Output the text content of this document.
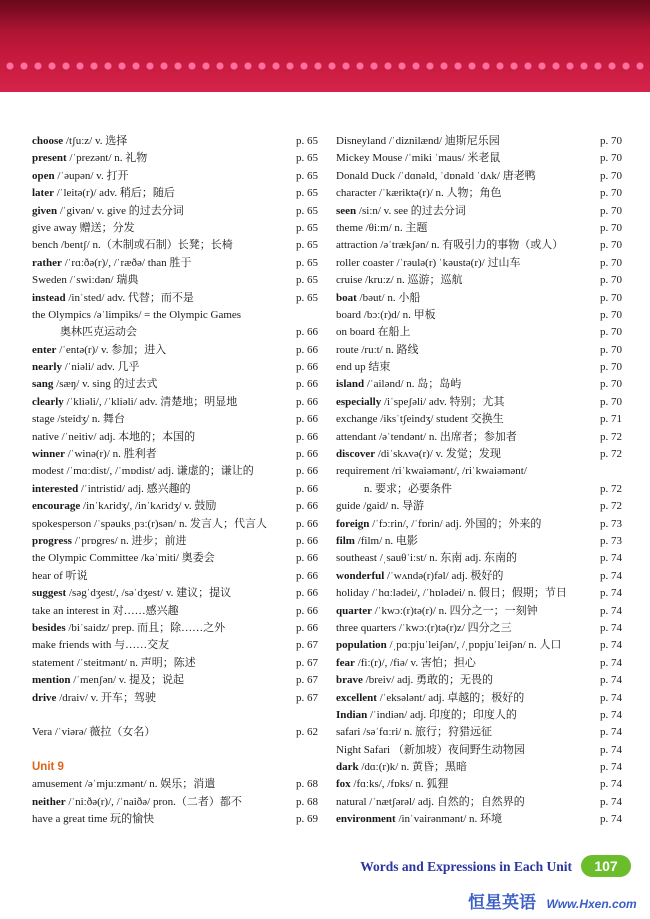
choose /tʃuːz/ v. 选择	p. 65
present /ˈprezənt/ n. 礼物	p. 65
open /ˈəupən/ v. 打开	p. 65
later /ˈleitə(r)/ adv. 稍后；随后	p. 65
given /ˈgivən/ v. give 的过去分词	p. 65
give away 赠送；分发	p. 65
bench /bentʃ/ n.（木制或石制）长凳；长椅	p. 65
rather /ˈrɑːðə(r)/, /ˈræðə/ than 胜于	p. 65
Sweden /ˈswiːdən/ 瑞典	p. 65
instead /inˈsted/ adv. 代替；而不是	p. 65
the Olympics /əˈlimpiks/ = the Olympic Games
奥林匹克运动会	p. 66
enter /ˈentə(r)/ v. 参加；进入	p. 66
nearly /ˈniəli/ adv. 几乎	p. 66
sang /sæŋ/ v. sing 的过去式	p. 66
clearly /ˈkliəli/, /ˈkliəli/ adv. 清楚地；明显地	p. 66
stage /steidʒ/ n. 舞台	p. 66
native /ˈneitiv/ adj. 本地的；本国的	p. 66
winner /ˈwinə(r)/ n. 胜利者	p. 66
modest /ˈmɑːdist/, /ˈmɒdist/ adj. 谦虚的；谦让的	p. 66
interested /ˈintristid/ adj. 感兴趣的	p. 66
encourage /inˈkʌridʒ/, /inˈkʌridʒ/ v. 鼓励	p. 66
spokesperson /ˈspəuksˌpɜː(r)sən/ n. 发言人；代言人	p. 66
progress /ˈprɒgres/ n. 进步；前进	p. 66
the Olympic Committee /kəˈmiti/ 奥委会	p. 66
hear of 听说	p. 66
suggest /səgˈdʒest/, /səˈdʒest/ v. 建议；提议	p. 66
take an interest in 对……感兴趣	p. 66
besides /biˈsaidz/ prep. 而且；除……之外	p. 66
make friends with 与……交友	p. 67
statement /ˈsteitmənt/ n. 声明；陈述	p. 67
mention /ˈmenʃən/ v. 提及；说起	p. 67
drive /draiv/ v. 开车；驾驶	p. 67
Vera /ˈviərə/ 薇拉（女名）	p. 62
Unit 9
amusement /əˈmjuːzmənt/ n. 娱乐；消遣	p. 68
neither /ˈniːðə(r)/, /ˈnaiðə/ pron.（二者）都不	p. 68
have a great time 玩的愉快	p. 69
Disneyland /ˈdiznilænd/ 迪斯尼乐园	p. 70
Mickey Mouse /ˈmiki ˈmaus/ 米老鼠	p. 70
Donald Duck /ˈdɑnəld, ˈdɒnəld ˈdʌk/ 唐老鸭	p. 70
character /ˈkæriktə(r)/ n. 人物；角色	p. 70
seen /siːn/ v. see 的过去分词	p. 70
theme /θiːm/ n. 主题	p. 70
attraction /əˈtrækʃən/ n. 有吸引力的事物（或人）	p. 70
roller coaster /ˈrəulə(r) ˈkəustə(r)/ 过山车	p. 70
cruise /kruːz/ n. 巡游；巡航	p. 70
boat /bəut/ n. 小船	p. 70
board /bɔː(r)d/ n. 甲板	p. 70
on board 在船上	p. 70
route /ruːt/ n. 路线	p. 70
end up 结束	p. 70
island /ˈailənd/ n. 岛；岛屿	p. 70
especially /iˈspeʃəli/ adv. 特别；尤其	p. 70
exchange /iksˈtʃeindʒ/ student 交换生	p. 71
attendant /əˈtendənt/ n. 出席者；参加者	p. 72
discover /diˈskʌvə(r)/ v. 发觉；发现	p. 72
requirement /riˈkwaiəmənt/, /riˈkwaiəmənt/
n. 要求；必要条件	p. 72
guide /gaid/ n. 导游	p. 72
foreign /ˈfɔːrin/, /ˈfɒrin/ adj. 外国的；外来的	p. 73
film /film/ n. 电影	p. 73
southeast /ˌsauθˈiːst/ n. 东南 adj. 东南的	p. 74
wonderful /ˈwʌndə(r)fəl/ adj. 极好的	p. 74
holiday /ˈhɑːlədei/, /ˈhɒlədei/ n. 假日；假期；节日	p. 74
quarter /ˈkwɔː(r)tə(r)/ n. 四分之一；一刻钟	p. 74
three quarters /ˈkwɔː(r)tə(r)z/ 四分之三	p. 74
population /ˌpɑːpjuˈleiʃən/, /ˌpɒpjuˈleiʃən/ n. 人口	p. 74
fear /fiː(r)/, /fiə/ v. 害怕；担心	p. 74
brave /breiv/ adj. 勇敢的；无畏的	p. 74
excellent /ˈeksələnt/ adj. 卓越的；极好的	p. 74
Indian /ˈindiən/ adj. 印度的；印度人的	p. 74
safari /səˈfɑːri/ n. 旅行；狩猎远征	p. 74
Night Safari （新加坡）夜间野生动物园	p. 74
dark /dɑː(r)k/ n. 黄昏；黑暗	p. 74
fox /fɑːks/, /fɒks/ n. 狐狸	p. 74
natural /ˈnætʃərəl/ adj. 自然的；自然界的	p. 74
environment /inˈvairənmənt/ n. 环境	p. 74
Words and Expressions in Each Unit	107
恒星英语 Www.Hxen.com
